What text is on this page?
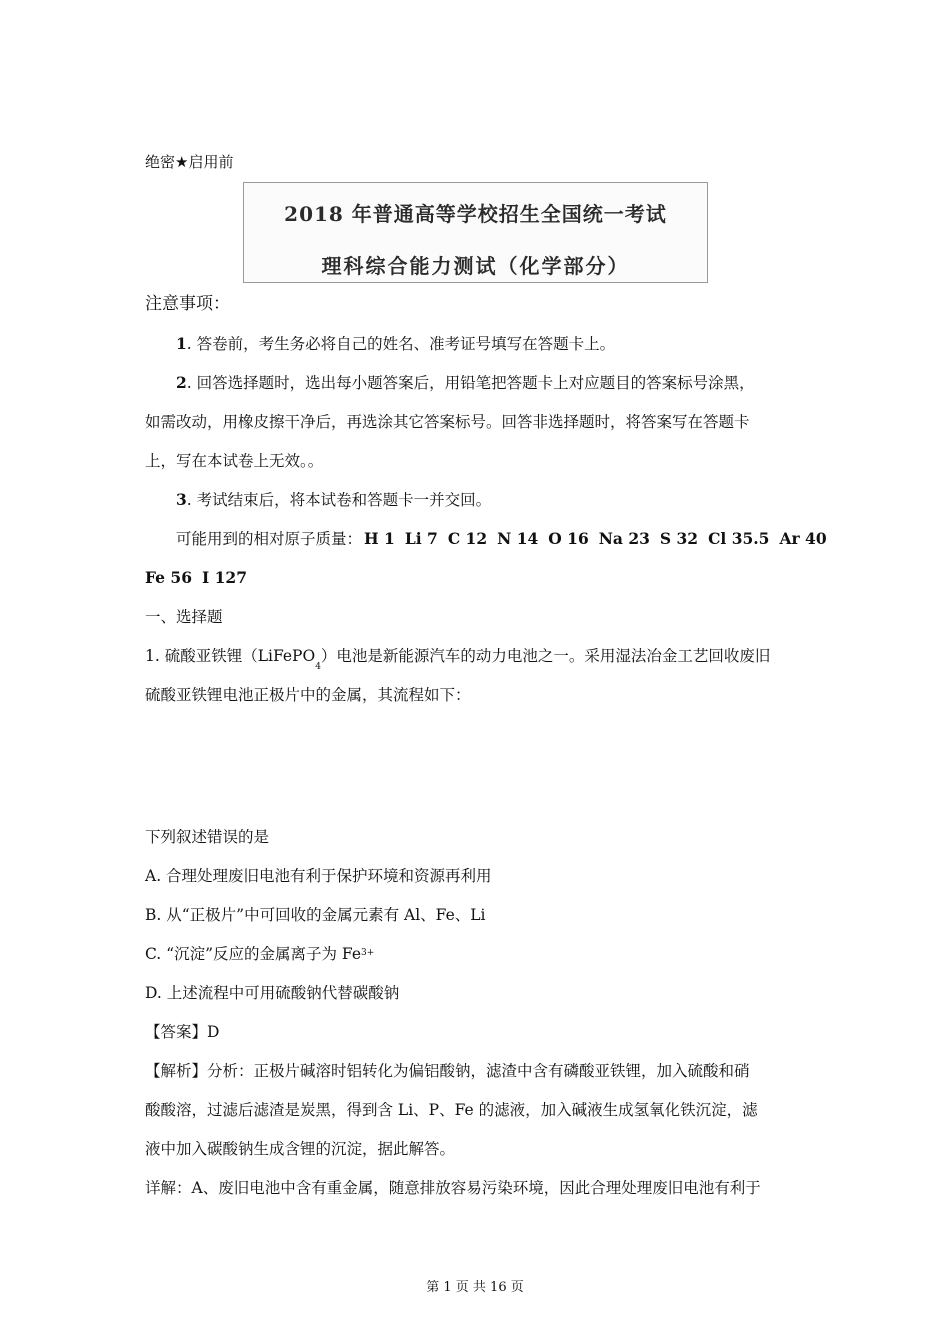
绝密★启用前
2018 年普通高等学校招生全国统一考试
理科综合能力测试（化学部分）
注意事项：
1. 答卷前，考生务必将自己的姓名、准考证号填写在答题卡上。
2. 回答选择题时，选出每小题答案后，用铅笔把答题卡上对应题目的答案标号涂黑，
如需改动，用橡皮擦干净后，再选涂其它答案标号。回答非选择题时，将答案写在答题卡
上，写在本试卷上无效。。
3. 考试结束后，将本试卷和答题卡一并交回。
可能用到的相对原子质量： H 1 Li 7 C 12 N 14 O 16 Na 23 S 32 Cl 35.5 Ar 40
Fe 56 I 127
一、选择题
1. 硫酸亚铁锂（LiFePO$_4$）电池是新能源汽车的动力电池之一。采用湿法冶金工艺回收废旧
硫酸亚铁锂电池正极片中的金属，其流程如下：
下列叙述错误的是
A. 合理处理废旧电池有利于保护环境和资源再利用
B. 从“正极片”中可回收的金属元素有 Al、Fe、Li
C. “沉淀”反应的金属离子为 $Fe^{3+}$
D. 上述流程中可用硫酸钠代替碳酸钠
【答案】D
【解析】分析：正极片碱溶时铝转化为偏铝酸钠，滤渣中含有磷酸亚铁锂，加入硫酸和硝
酸酸溶，过滤后滤渣是炭黑，得到含 Li、P、Fe 的滤液，加入碱液生成氢氧化铁沉淀，滤
液中加入碳酸钠生成含锂的沉淀，据此解答。
详解：A、废旧电池中含有重金属，随意排放容易污染环境，因此合理处理废旧电池有利于
第 1 页 共 16 页
